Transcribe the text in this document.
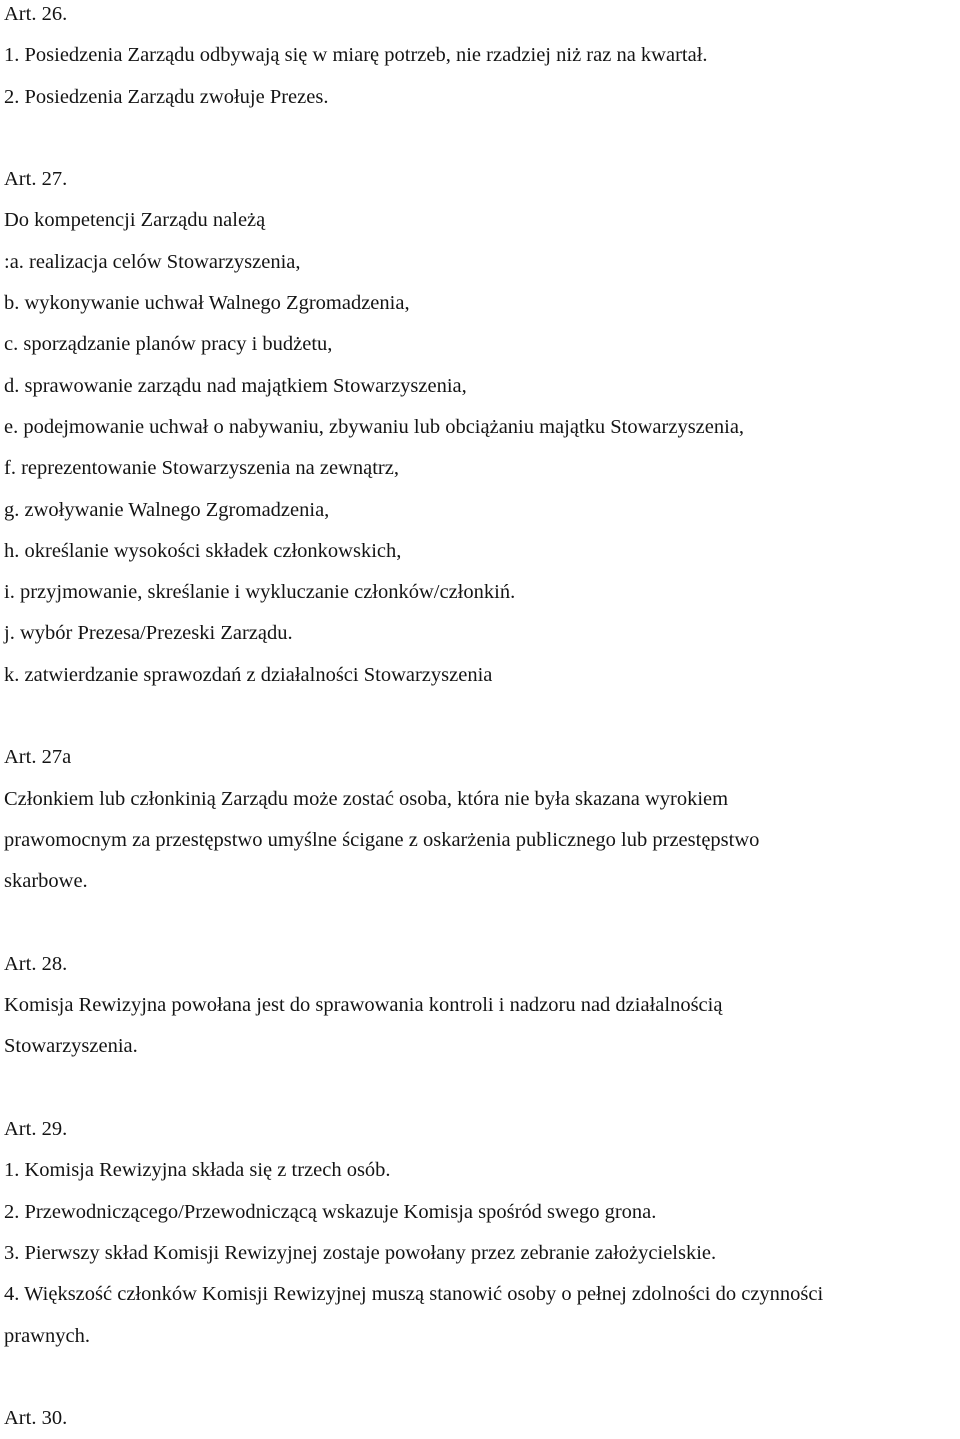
Art. 26.
1. Posiedzenia Zarządu odbywają się w miarę potrzeb, nie rzadziej niż raz na kwartał.
2. Posiedzenia Zarządu zwołuje Prezes.
Art. 27.
Do kompetencji Zarządu należą
:a. realizacja celów Stowarzyszenia,
b. wykonywanie uchwał Walnego Zgromadzenia,
c. sporządzanie planów pracy i budżetu,
d. sprawowanie zarządu nad majątkiem Stowarzyszenia,
e. podejmowanie uchwał o nabywaniu, zbywaniu lub obciążaniu majątku Stowarzyszenia,
f. reprezentowanie Stowarzyszenia na zewnątrz,
g. zwoływanie Walnego Zgromadzenia,
h. określanie wysokości składek członkowskich,
i. przyjmowanie, skreślanie i wykluczanie członków/członkiń.
j. wybór Prezesa/Prezeski Zarządu.
k. zatwierdzanie sprawozdań z działalności Stowarzyszenia
Art. 27a
Członkiem lub członkinią Zarządu może zostać osoba, która nie była skazana wyrokiem
prawomocnym za przestępstwo umyślne ścigane z oskarżenia publicznego lub przestępstwo
skarbowe.
Art. 28.
Komisja Rewizyjna powołana jest do sprawowania kontroli i nadzoru nad działalnością
Stowarzyszenia.
Art. 29.
1. Komisja Rewizyjna składa się z trzech osób.
2. Przewodniczącego/Przewodniczącą wskazuje Komisja spośród swego grona.
3. Pierwszy skład Komisji Rewizyjnej zostaje powołany przez zebranie założycielskie.
4. Większość członków Komisji Rewizyjnej muszą stanowić osoby o pełnej zdolności do czynności
prawnych.
Art. 30.
